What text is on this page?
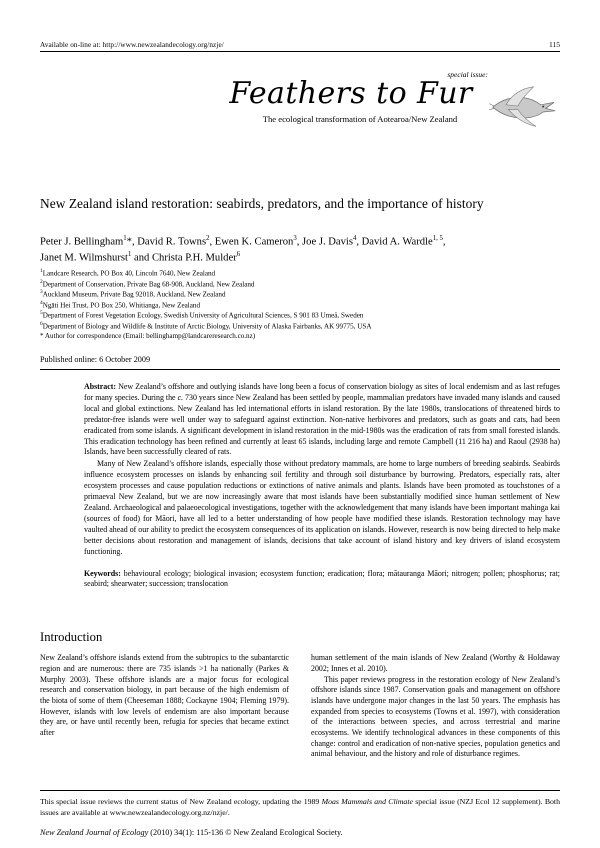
Available on-line at: http://www.newzealandecology.org/nzje/	115
special issue:
Feathers to Fur
The ecological transformation of Aotearoa/New Zealand
New Zealand island restoration: seabirds, predators, and the importance of history
Peter J. Bellingham$^1$*, David R. Towns$^2$, Ewen K. Cameron$^3$, Joe J. Davis$^4$, David A. Wardle$^{1, 5}$,
Janet M. Wilmshurst$^1$ and Christa P.H. Mulder$^6$
$^1$Landcare Research, PO Box 40, Lincoln 7640, New Zealand
$^2$Department of Conservation, Private Bag 68-908, Auckland, New Zealand
$^3$Auckland Museum, Private Bag 92018, Auckland, New Zealand
$^4$Ngāti Hei Trust, PO Box 250, Whitianga, New Zealand
$^5$Department of Forest Vegetation Ecology, Swedish University of Agricultural Sciences, S 901 83 Umeå, Sweden
$^6$Department of Biology and Wildlife & Institute of Arctic Biology, University of Alaska Fairbanks, AK 99775, USA
* Author for correspondence (Email: bellinghamp@landcareresearch.co.nz)
Published online: 6 October 2009

Abstract: New Zealand’s offshore and outlying islands have long been a focus of conservation biology as sites of local endemism and as last refuges for many species. During the c. 730 years since New Zealand has been settled by people, mammalian predators have invaded many islands and caused local and global extinctions. New Zealand has led international efforts in island restoration. By the late 1980s, translocations of threatened birds to predator-free islands were well under way to safeguard against extinction. Non-native herbivores and predators, such as goats and cats, had been eradicated from some islands. A significant development in island restoration in the mid-1980s was the eradication of rats from small forested islands. This eradication technology has been refined and currently at least 65 islands, including large and remote Campbell (11 216 ha) and Raoul (2938 ha) Islands, have been successfully cleared of rats.

Many of New Zealand’s offshore islands, especially those without predatory mammals, are home to large numbers of breeding seabirds. Seabirds influence ecosystem processes on islands by enhancing soil fertility and through soil disturbance by burrowing. Predators, especially rats, alter ecosystem processes and cause population reductions or extinctions of native animals and plants. Islands have been promoted as touchstones of a primaeval New Zealand, but we are now increasingly aware that most islands have been substantially modified since human settlement of New Zealand. Archaeological and palaeoecological investigations, together with the acknowledgement that many islands have been important mahinga kai (sources of food) for Māori, have all led to a better understanding of how people have modified these islands. Restoration technology may have vaulted ahead of our ability to predict the ecosystem consequences of its application on islands. However, research is now being directed to help make better decisions about restoration and management of islands, decisions that take account of island history and key drivers of island ecosystem functioning.

Keywords: behavioural ecology; biological invasion; ecosystem function; eradication; flora; mātauranga Māori; nitrogen; pollen; phosphorus; rat; seabird; shearwater; succession; translocation
Introduction

New Zealand’s offshore islands extend from the subtropics to the subantarctic region and are numerous: there are 735 islands >1 ha nationally (Parkes & Murphy 2003). These offshore islands are a major focus for ecological research and conservation biology, in part because of the high endemism of the biota of some of them (Cheeseman 1888; Cockayne 1904; Fleming 1979). However, islands with low levels of endemism are also important because they are, or have until recently been, refugia for species that became extinct after

human settlement of the main islands of New Zealand (Worthy & Holdaway 2002; Innes et al. 2010).

This paper reviews progress in the restoration ecology of New Zealand’s offshore islands since 1987. Conservation goals and management on offshore islands have undergone major changes in the last 50 years. The emphasis has expanded from species to ecosystems (Towns et al. 1997), with consideration of the interactions between species, and across terrestrial and marine ecosystems. We identify technological advances in these components of this change: control and eradication of non-native species, population genetics and animal behaviour, and the history and role of disturbance regimes.

This special issue reviews the current status of New Zealand ecology, updating the 1989 Moas Mammals and Climate special issue (NZJ Ecol 12 supplement). Both issues are available at www.newzealandecology.org.nz/nzje/.
New Zealand Journal of Ecology (2010) 34(1): 115-136 © New Zealand Ecological Society.
